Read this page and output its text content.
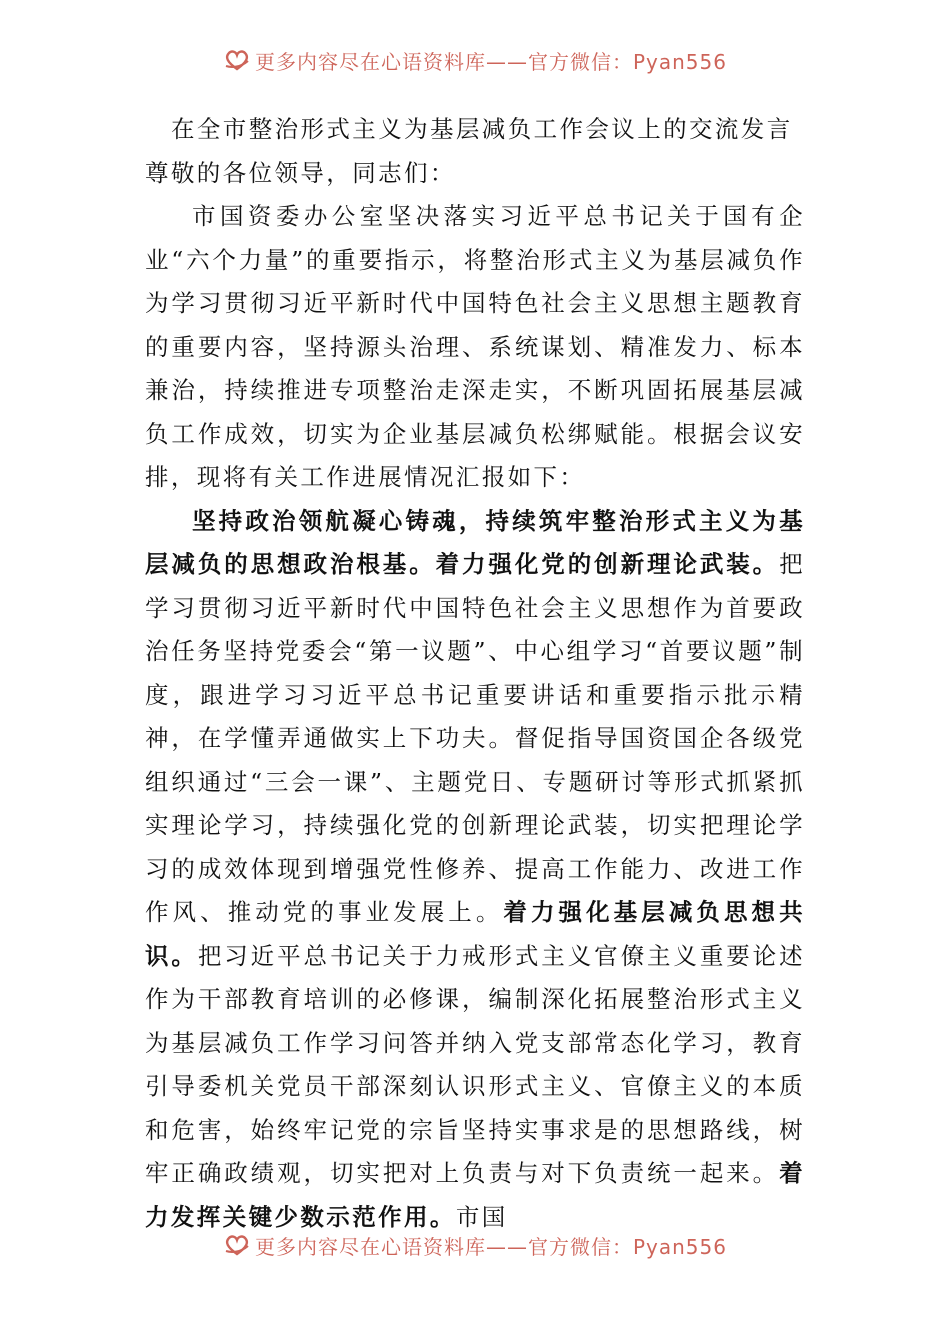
更多内容尽在心语资料库——官方微信：Pyan556

在全市整治形式主义为基层减负工作会议上的交流发言

尊敬的各位领导，同志们：

市国资委办公室坚决落实习近平总书记关于国有企业“六个力量”的重要指示，将整治形式主义为基层减负作为学习贯彻习近平新时代中国特色社会主义思想主题教育的重要内容，坚持源头治理、系统谋划、精准发力、标本兼治，持续推进专项整治走深走实，不断巩固拓展基层减负工作成效，切实为企业基层减负松绑赋能。根据会议安排，现将有关工作进展情况汇报如下：

坚持政治领航凝心铸魂，持续筑牢整治形式主义为基层减负的思想政治根基。着力强化党的创新理论武装。把学习贯彻习近平新时代中国特色社会主义思想作为首要政治任务坚持党委会“第一议题”、中心组学习“首要议题”制度，跟进学习习近平总书记重要讲话和重要指示批示精神，在学懂弄通做实上下功夫。督促指导国资国企各级党组织通过“三会一课”、主题党日、专题研讨等形式抓紧抓实理论学习，持续强化党的创新理论武装，切实把理论学习的成效体现到增强党性修养、提高工作能力、改进工作作风、推动党的事业发展上。着力强化基层减负思想共识。把习近平总书记关于力戒形式主义官僚主义重要论述作为干部教育培训的必修课，编制深化拓展整治形式主义为基层减负工作学习问答并纳入党支部常态化学习，教育引导委机关党员干部深刻认识形式主义、官僚主义的本质和危害，始终牢记党的宗旨坚持实事求是的思想路线，树牢正确政绩观，切实把对上负责与对下负责统一起来。着力发挥关键少数示范作用。市国

更多内容尽在心语资料库——官方微信：Pyan556
